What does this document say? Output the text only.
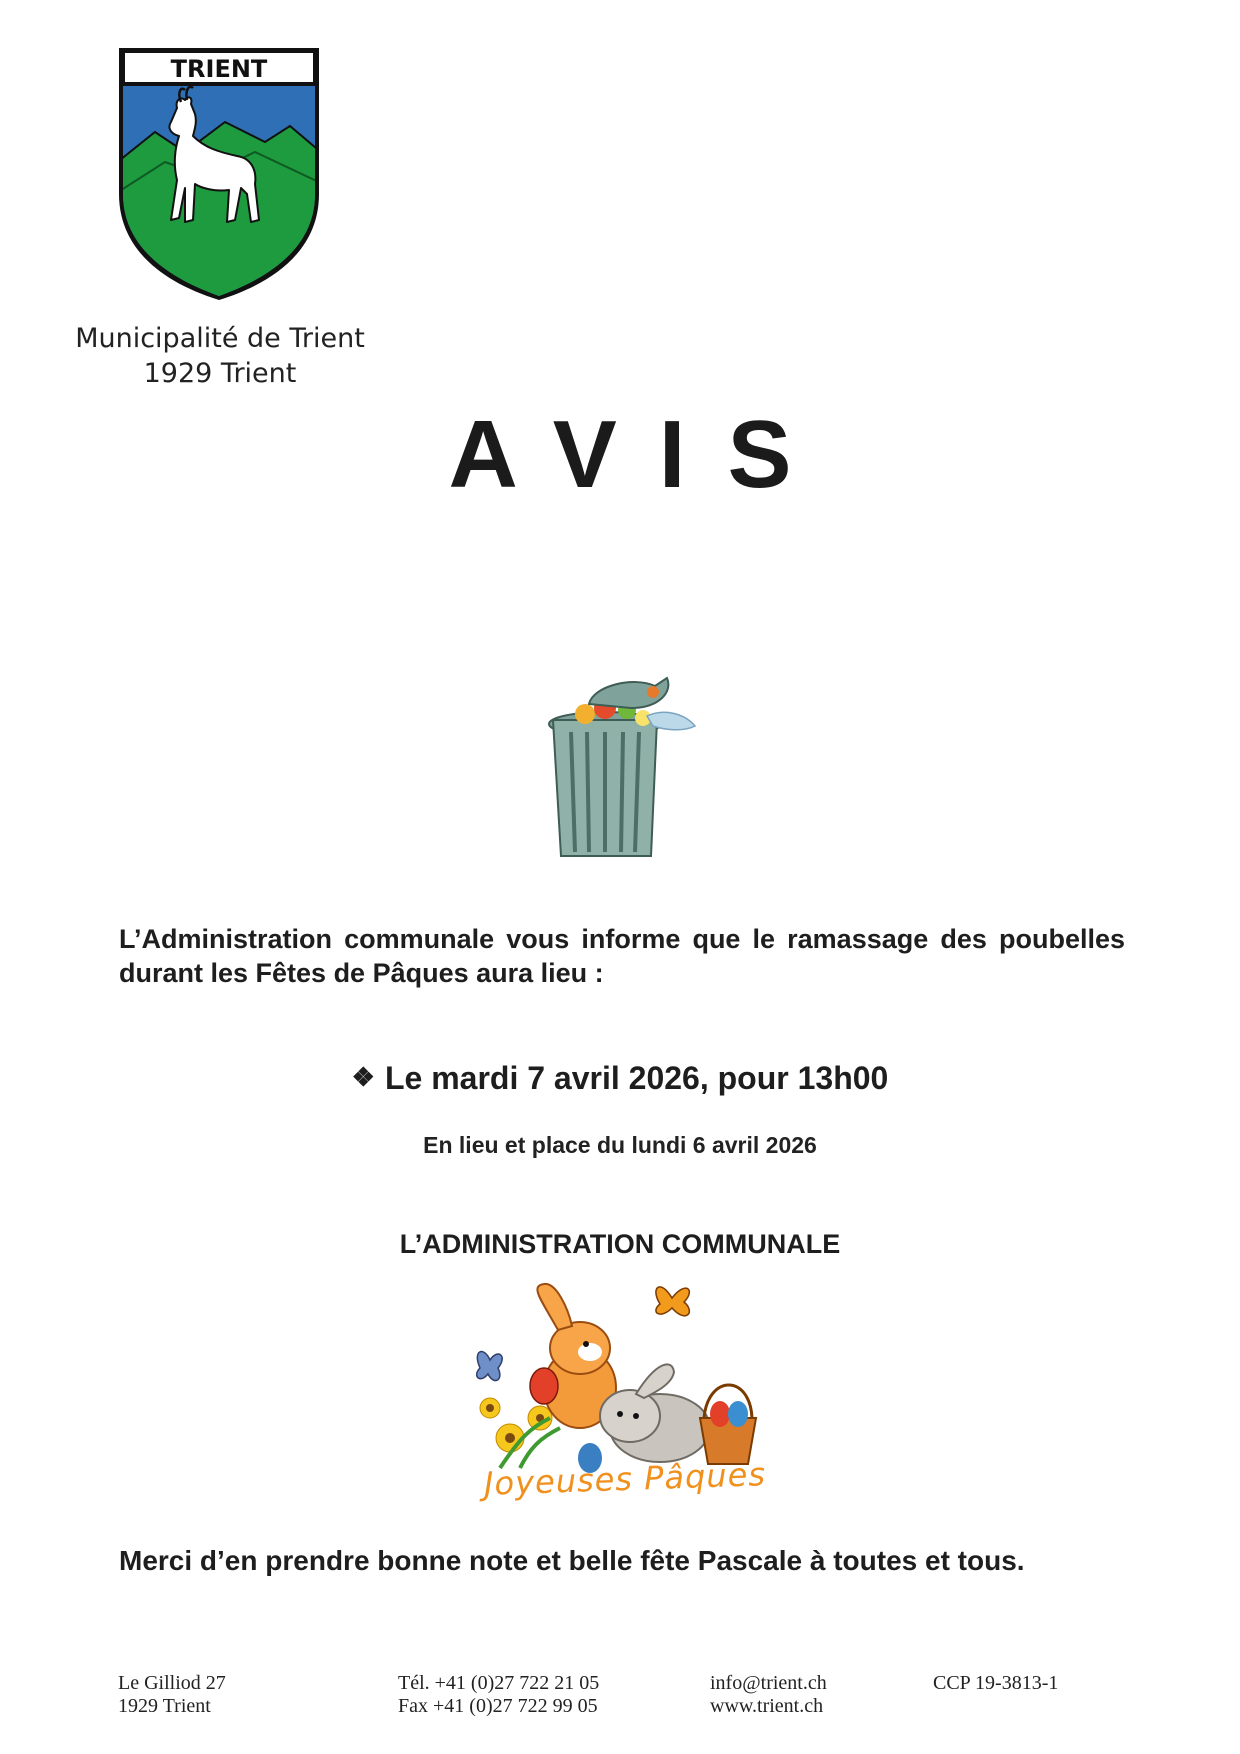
TRIENT
Municipalité de Trient
1929 Trient
AVIS
L’Administration communale vous informe que le ramassage des poubelles durant les Fêtes de Pâques aura lieu :
❖ Le mardi 7 avril 2026, pour 13h00
En lieu et place du lundi 6 avril 2026
L’ADMINISTRATION COMMUNALE
Joyeuses Pâques
Merci d’en prendre bonne note et belle fête Pascale à toutes et tous.
Le Gilliod 27
1929 Trient
Tél. +41 (0)27 722 21 05
Fax +41 (0)27 722 99 05
info@trient.ch
www.trient.ch
CCP 19-3813-1
